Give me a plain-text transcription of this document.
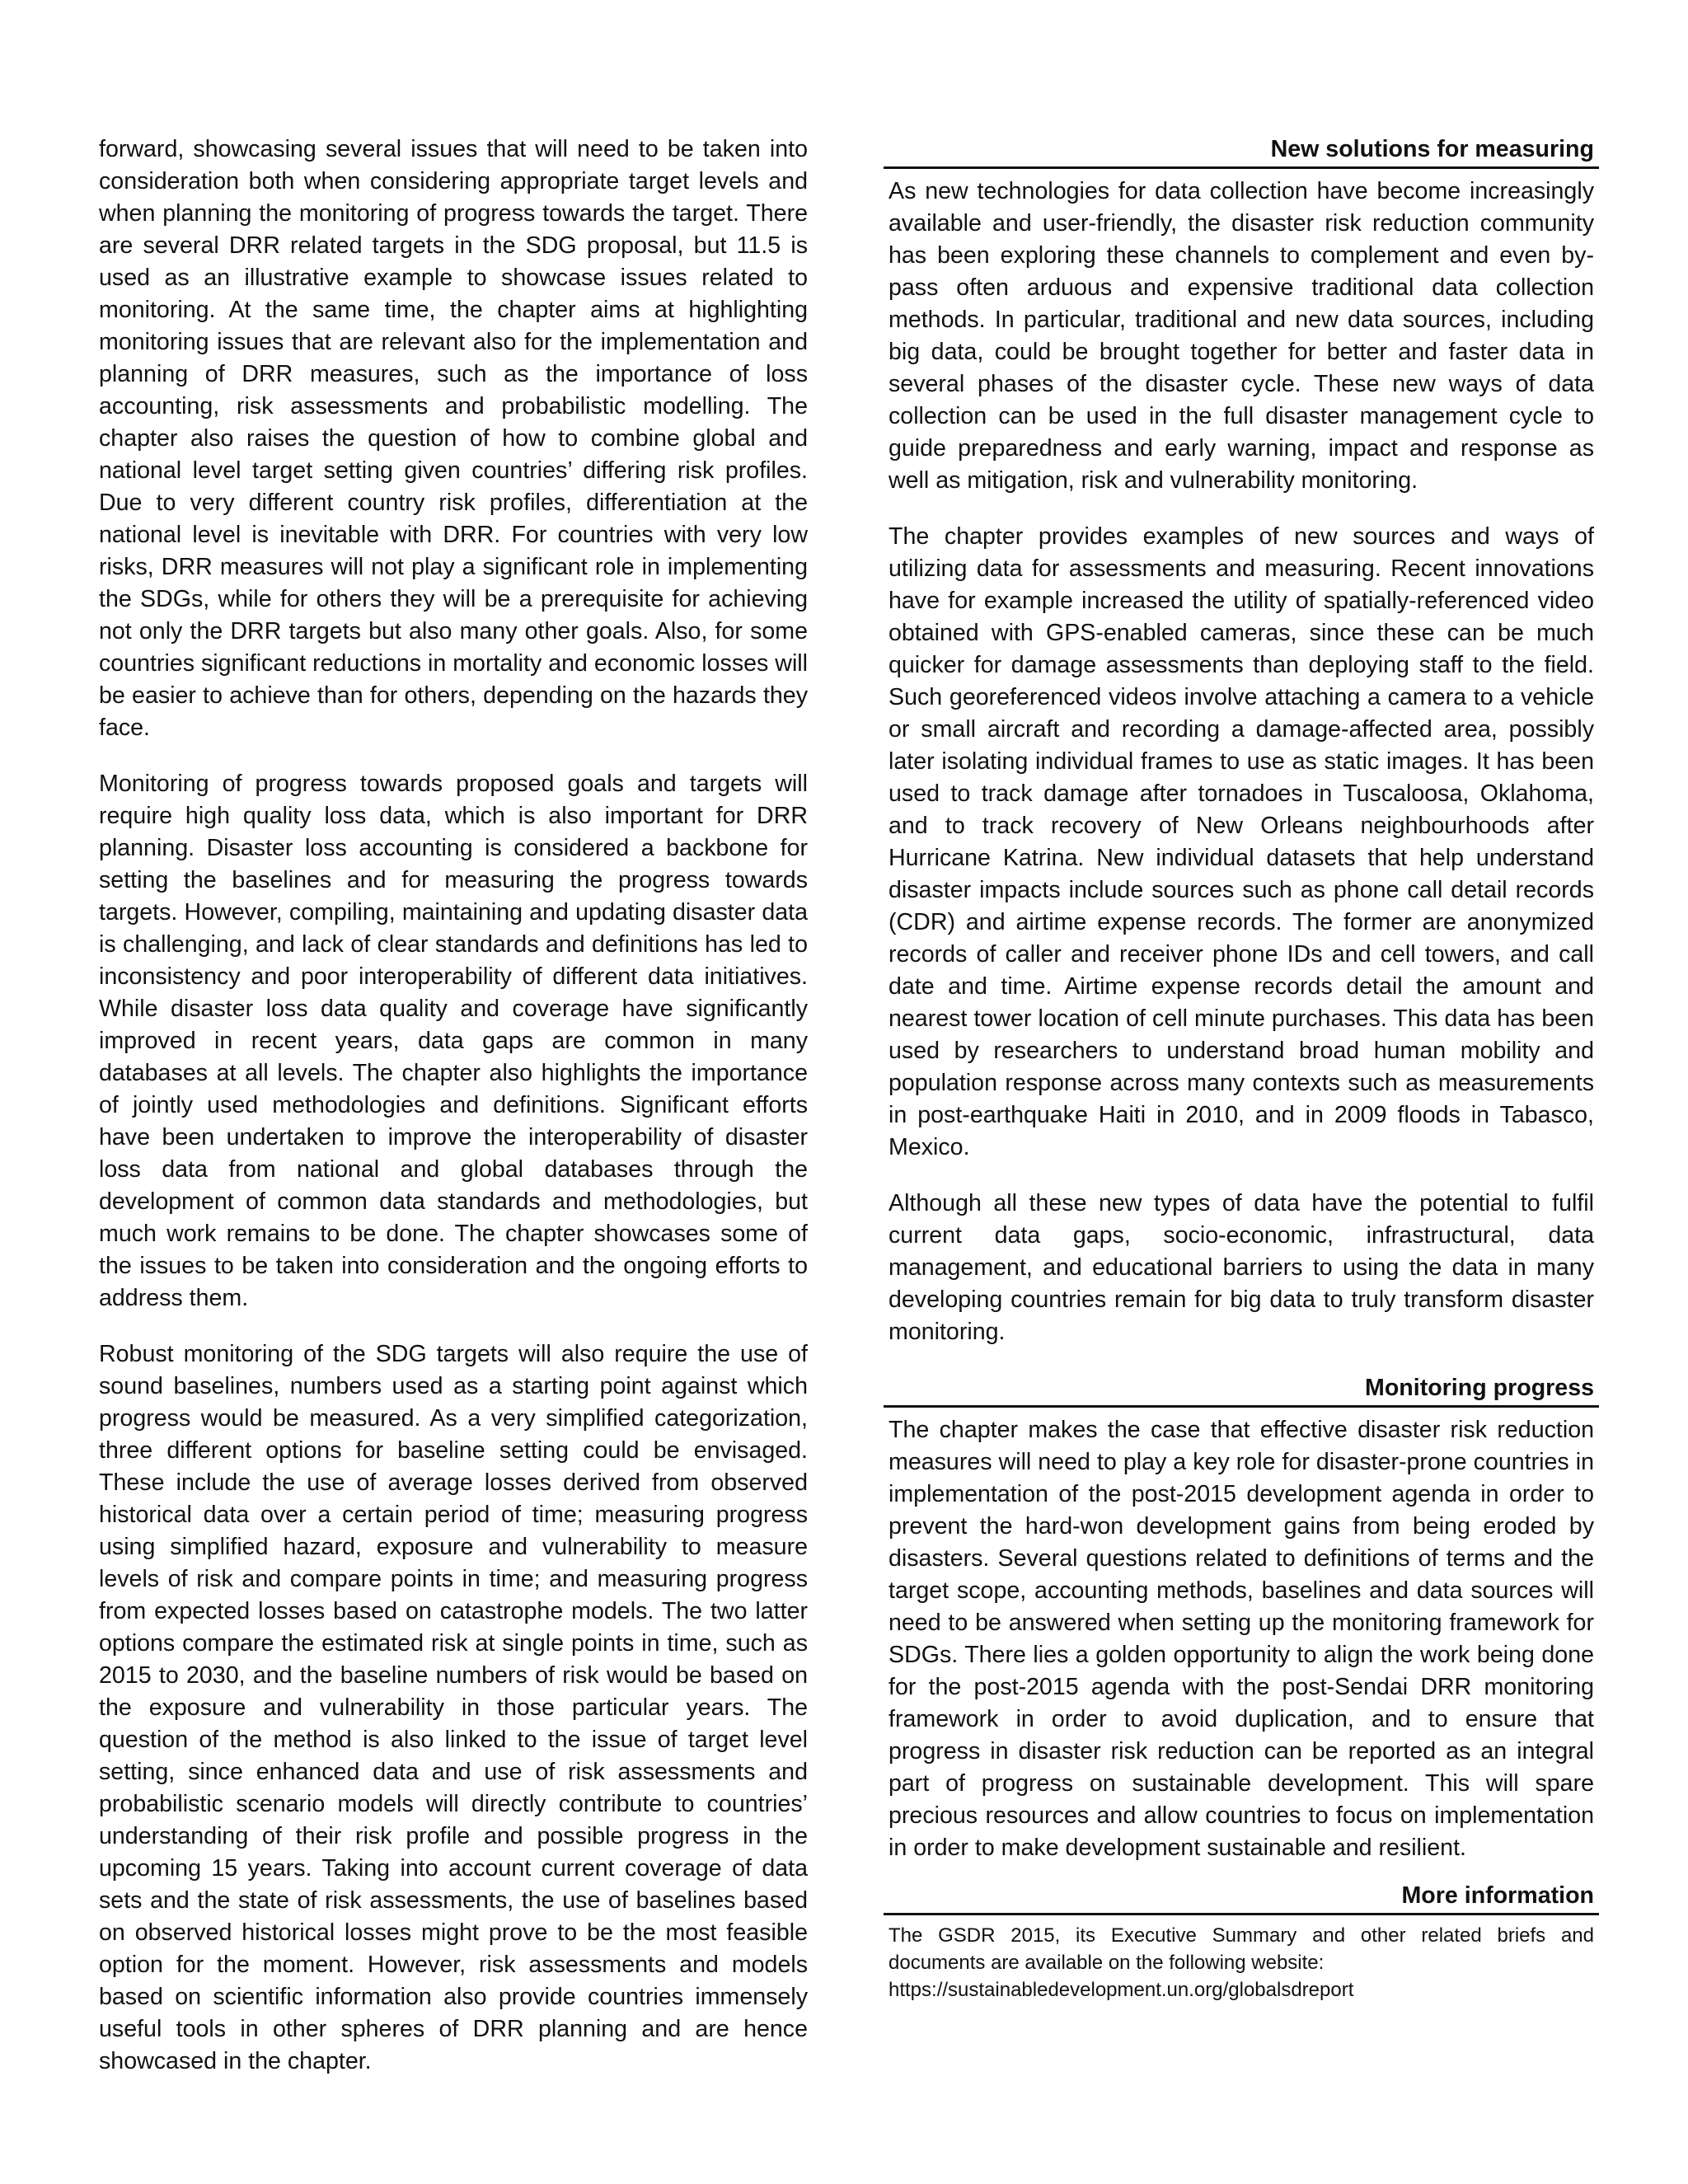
forward, showcasing several issues that will need to be taken into consideration both when considering appropriate target levels and when planning the monitoring of progress towards the target. There are several DRR related targets in the SDG proposal, but 11.5 is used as an illustrative example to showcase issues related to monitoring. At the same time, the chapter aims at highlighting monitoring issues that are relevant also for the implementation and planning of DRR measures, such as the importance of loss accounting, risk assessments and probabilistic modelling. The chapter also raises the question of how to combine global and national level target setting given countries’ differing risk profiles. Due to very different country risk profiles, differentiation at the national level is inevitable with DRR. For countries with very low risks, DRR measures will not play a significant role in implementing the SDGs, while for others they will be a prerequisite for achieving not only the DRR targets but also many other goals. Also, for some countries significant reductions in mortality and economic losses will be easier to achieve than for others, depending on the hazards they face.

Monitoring of progress towards proposed goals and targets will require high quality loss data, which is also important for DRR planning. Disaster loss accounting is considered a backbone for setting the baselines and for measuring the progress towards targets. However, compiling, maintaining and updating disaster data is challenging, and lack of clear standards and definitions has led to inconsistency and poor interoperability of different data initiatives. While disaster loss data quality and coverage have significantly improved in recent years, data gaps are common in many databases at all levels. The chapter also highlights the importance of jointly used methodologies and definitions. Significant efforts have been undertaken to improve the interoperability of disaster loss data from national and global databases through the development of common data standards and methodologies, but much work remains to be done. The chapter showcases some of the issues to be taken into consideration and the ongoing efforts to address them.

Robust monitoring of the SDG targets will also require the use of sound baselines, numbers used as a starting point against which progress would be measured. As a very simplified categorization, three different options for baseline setting could be envisaged. These include the use of average losses derived from observed historical data over a certain period of time; measuring progress using simplified hazard, exposure and vulnerability to measure levels of risk and compare points in time; and measuring progress from expected losses based on catastrophe models. The two latter options compare the estimated risk at single points in time, such as 2015 to 2030, and the baseline numbers of risk would be based on the exposure and vulnerability in those particular years. The question of the method is also linked to the issue of target level setting, since enhanced data and use of risk assessments and probabilistic scenario models will directly contribute to countries’ understanding of their risk profile and possible progress in the upcoming 15 years. Taking into account current coverage of data sets and the state of risk assessments, the use of baselines based on observed historical losses might prove to be the most feasible option for the moment. However, risk assessments and models based on scientific information also provide countries immensely useful tools in other spheres of DRR planning and are hence showcased in the chapter.

New solutions for measuring

As new technologies for data collection have become increasingly available and user-friendly, the disaster risk reduction community has been exploring these channels to complement and even by-pass often arduous and expensive traditional data collection methods. In particular, traditional and new data sources, including big data, could be brought together for better and faster data in several phases of the disaster cycle. These new ways of data collection can be used in the full disaster management cycle to guide preparedness and early warning, impact and response as well as mitigation, risk and vulnerability monitoring.

The chapter provides examples of new sources and ways of utilizing data for assessments and measuring. Recent innovations have for example increased the utility of spatially-referenced video obtained with GPS-enabled cameras, since these can be much quicker for damage assessments than deploying staff to the field. Such georeferenced videos involve attaching a camera to a vehicle or small aircraft and recording a damage-affected area, possibly later isolating individual frames to use as static images. It has been used to track damage after tornadoes in Tuscaloosa, Oklahoma, and to track recovery of New Orleans neighbourhoods after Hurricane Katrina. New individual datasets that help understand disaster impacts include sources such as phone call detail records (CDR) and airtime expense records. The former are anonymized records of caller and receiver phone IDs and cell towers, and call date and time. Airtime expense records detail the amount and nearest tower location of cell minute purchases. This data has been used by researchers to understand broad human mobility and population response across many contexts such as measurements in post-earthquake Haiti in 2010, and in 2009 floods in Tabasco, Mexico.

Although all these new types of data have the potential to fulfil current data gaps, socio-economic, infrastructural, data management, and educational barriers to using the data in many developing countries remain for big data to truly transform disaster monitoring.

Monitoring progress

The chapter makes the case that effective disaster risk reduction measures will need to play a key role for disaster-prone countries in implementation of the post-2015 development agenda in order to prevent the hard-won development gains from being eroded by disasters. Several questions related to definitions of terms and the target scope, accounting methods, baselines and data sources will need to be answered when setting up the monitoring framework for SDGs. There lies a golden opportunity to align the work being done for the post-2015 agenda with the post-Sendai DRR monitoring framework in order to avoid duplication, and to ensure that progress in disaster risk reduction can be reported as an integral part of progress on sustainable development. This will spare precious resources and allow countries to focus on implementation in order to make development sustainable and resilient.

More information

The GSDR 2015, its Executive Summary and other related briefs and documents are available on the following website:

https://sustainabledevelopment.un.org/globalsdreport
